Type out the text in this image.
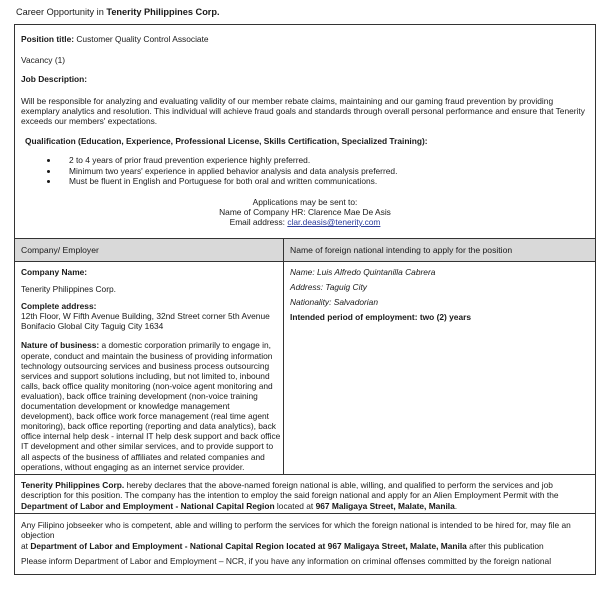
Career Opportunity in Tenerity Philippines Corp.
Position title: Customer Quality Control Associate
Vacancy (1)
Job Description:
Will be responsible for analyzing and evaluating validity of our member rebate claims, maintaining and our gaming fraud prevention by providing
exemplary analytics and resolution. This individual will achieve fraud goals and standards through overall personal performance and ensure that Tenerity
exceeds our members' expectations.
Qualification (Education, Experience, Professional License, Skills Certification, Specialized Training):
• 2 to 4 years of prior fraud prevention experience highly preferred.
• Minimum two years' experience in applied behavior analysis and data analysis preferred.
• Must be fluent in English and Portuguese for both oral and written communications.
Applications may be sent to:
Name of Company HR: Clarence Mae De Asis
Email address: clar.deasis@tenerity.com
Company/ Employer	Name of foreign national intending to apply for the position

Company Name:

Tenerity Philippines Corp.

Complete address:

12th Floor, W Fifth Avenue Building, 32nd Street corner 5th Avenue

Bonifacio Global City Taguig City 1634

Nature of business: a domestic corporation primarily to engage in,

operate, conduct and maintain the business of providing information

technology outsourcing services and business process outsourcing

services and support solutions including, but not limited to, inbound

calls, back office quality monitoring (non-voice agent monitoring and

evaluation), back office training development (non-voice training

documentation development or knowledge management

development), back office work force management (real time agent

monitoring), back office reporting (reporting and data analytics), back

office internal help desk - internal IT help desk support and back office

IT development and other similar services, and to provide support to

all aspects of the business of affiliates and related companies and

operations, without engaging as an internet service provider.

Name: Luis Alfredo Quintanilla Cabrera

Address: Taguig City

Nationality: Salvadorian

Intended period of employment: two (2) years

Tenerity Philippines Corp. hereby declares that the above-named foreign national is able, willing, and qualified to perform the services and job
description for this position. The company has the intention to employ the said foreign national and apply for an Alien Employment Permit with the
Department of Labor and Employment - National Capital Region located at 967 Maligaya Street, Malate, Manila.
Any Filipino jobseeker who is competent, able and willing to perform the services for which the foreign national is intended to be hired for, may file an objection
at Department of Labor and Employment - National Capital Region located at 967 Maligaya Street, Malate, Manila after this publication
Please inform Department of Labor and Employment – NCR, if you have any information on criminal offenses committed by the foreign national
